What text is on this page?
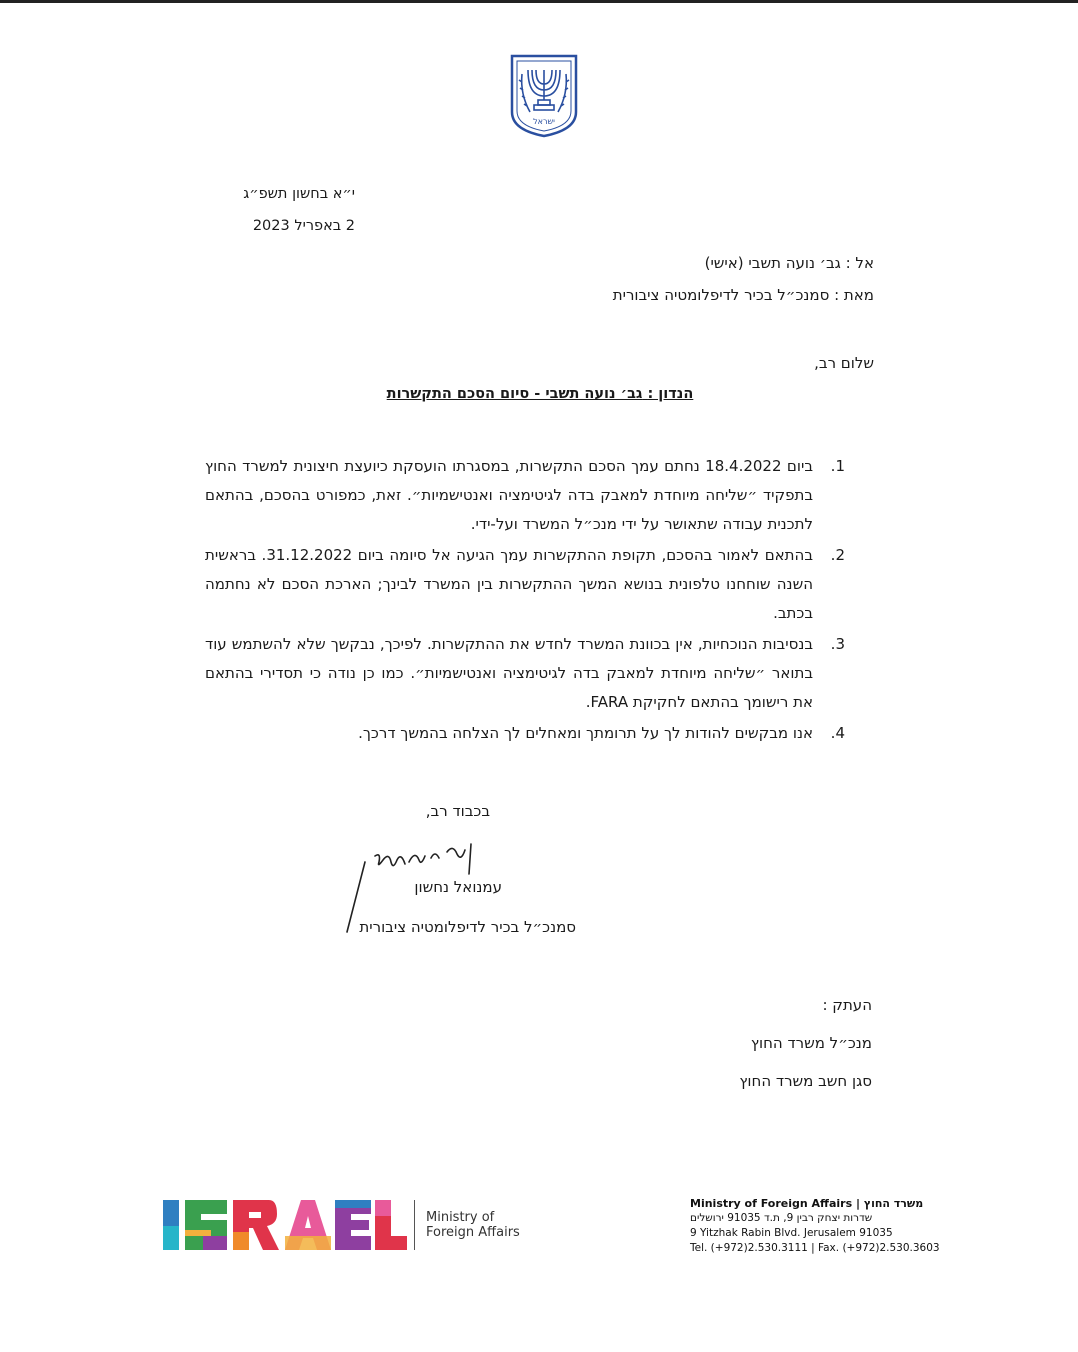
ישראל
י״א בחשון תשפ״ג
2 באפריל 2023
אל : גב׳ נועה תשבי (אישי)
מאת : סמנכ״ל בכיר לדיפלומטיה ציבורית
שלום רב,
הנדון : גב׳ נועה תשבי - סיום הסכם התקשרות
1.
ביום 18.4.2022 נחתם עמך הסכם התקשרות, במסגרתו הועסקת כיועצת חיצונית למשרד החוץ בתפקיד ״שליחה מיוחדת למאבק בדה לגיטימציה ואנטישמיות״. זאת, כמפורט בהסכם, בהתאם לתכנית עבודה שתאושר על ידי מנכ״ל המשרד ועל-ידי.
2.
בהתאם לאמור בהסכם, תקופת ההתקשרות עמך הגיעה אל סיומה ביום 31.12.2022. בראשית השנה שוחחנו טלפונית בנושא המשך ההתקשרות בין המשרד לבינך; הארכת הסכם לא נחתמה בכתב.
3.
בנסיבות הנוכחיות, אין בכוונת המשרד לחדש את ההתקשרות. לפיכך, נבקשך שלא להשתמש עוד בתואר ״שליחה מיוחדת למאבק בדה לגיטימציה ואנטישמיות״. כמו כן נודה כי תסדירי בהתאם את רישומך בהתאם לחקיקת FARA.
4.
אנו מבקשים להודות לך על תרומתך ומאחלים לך הצלחה בהמשך דרכך.
בכבוד רב,
עמנואל נחשון
סמנכ״ל בכיר לדיפלומטיה ציבורית
העתק :
מנכ״ל משרד החוץ
סגן חשב משרד החוץ
ISRAEL
Ministry of
Foreign Affairs
Ministry of Foreign Affairs | משרד החוץ
שדרות יצחק רבין 9, ת.ד 91035 ירושלים
9 Yitzhak Rabin Blvd. Jerusalem 91035
Tel. (+972)2.530.3111 | Fax. (+972)2.530.3603
